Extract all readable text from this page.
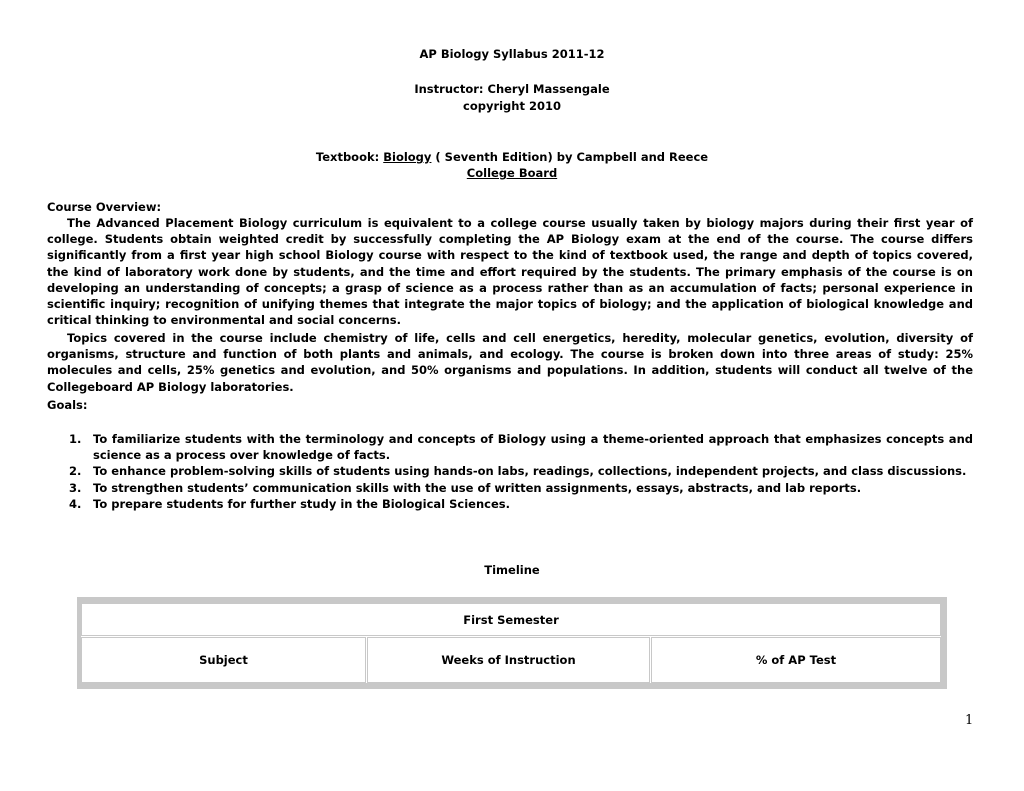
AP Biology Syllabus 2011-12
Instructor: Cheryl Massengale
copyright 2010
Textbook: Biology ( Seventh Edition) by Campbell and Reece
College Board
Course Overview:
The Advanced Placement Biology curriculum is equivalent to a college course usually taken by biology majors during their first year of college. Students obtain weighted credit by successfully completing the AP Biology exam at the end of the course. The course differs significantly from a first year high school Biology course with respect to the kind of textbook used, the range and depth of topics covered, the kind of laboratory work done by students, and the time and effort required by the students. The primary emphasis of the course is on developing an understanding of concepts; a grasp of science as a process rather than as an accumulation of facts; personal experience in scientific inquiry; recognition of unifying themes that integrate the major topics of biology; and the application of biological knowledge and critical thinking to environmental and social concerns.
Topics covered in the course include chemistry of life, cells and cell energetics, heredity, molecular genetics, evolution, diversity of organisms, structure and function of both plants and animals, and ecology. The course is broken down into three areas of study: 25% molecules and cells, 25% genetics and evolution, and 50% organisms and populations. In addition, students will conduct all twelve of the Collegeboard AP Biology laboratories.
Goals:
1. To familiarize students with the terminology and concepts of Biology using a theme-oriented approach that emphasizes concepts and science as a process over knowledge of facts.
2. To enhance problem-solving skills of students using hands-on labs, readings, collections, independent projects, and class discussions.
3. To strengthen students’ communication skills with the use of written assignments, essays, abstracts, and lab reports.
4. To prepare students for further study in the Biological Sciences.
Timeline
First Semester
Subject	Weeks of Instruction	% of AP Test
1
